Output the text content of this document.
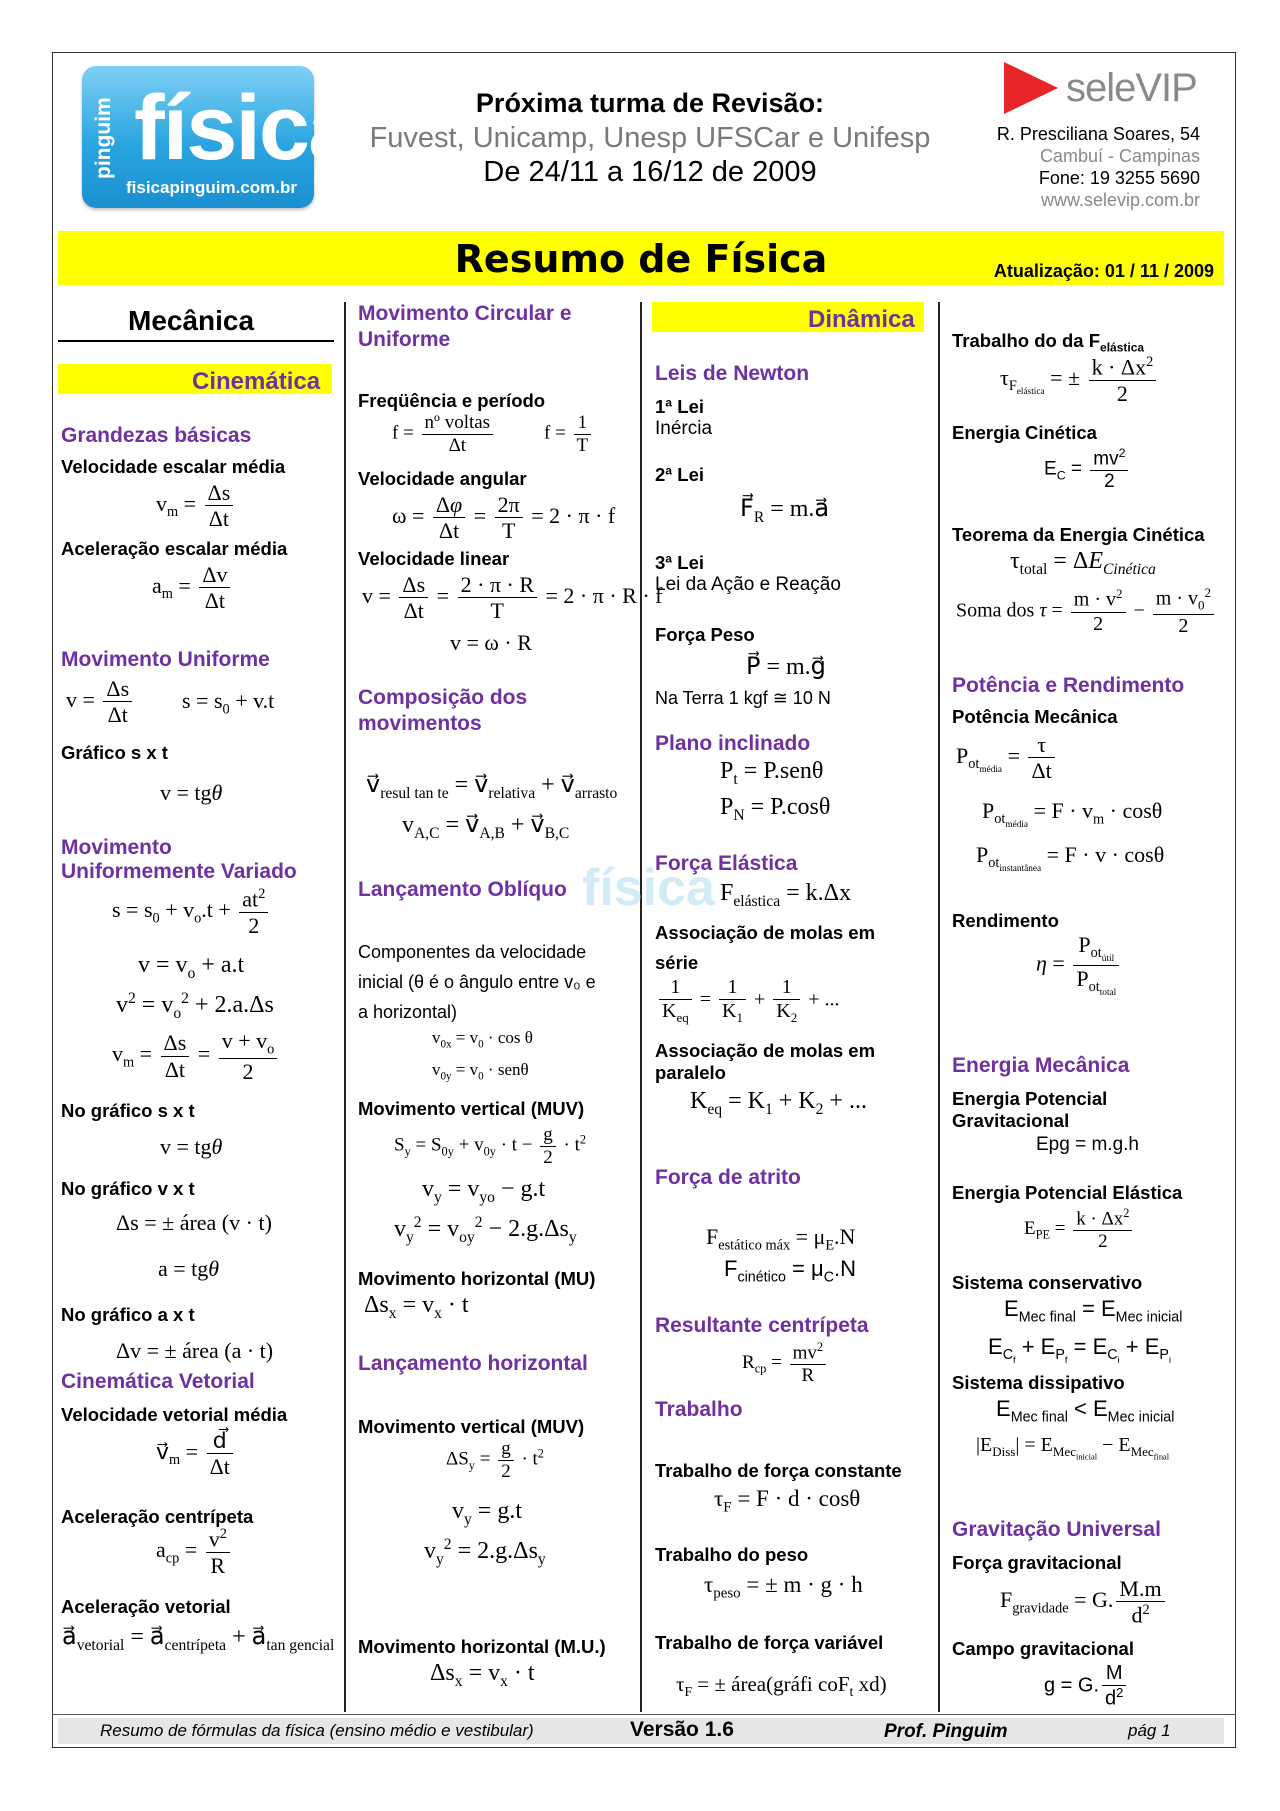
pinguim física
fisicapinguim.com.br
Próxima turma de Revisão:
Fuvest, Unicamp, Unesp UFSCar e Unifesp
De 24/11 a 16/12 de 2009
seleVIP
R. Presciliana Soares, 54
Cambuí - Campinas
Fone: 19 3255 5690
www.selevip.com.br
Resumo de Física	Atualização: 01 / 11 / 2009
física
Mecânica
Cinemática
Grandezas básicas
Velocidade escalar média
$v_m = \frac{\Delta s}{\Delta t}$
Aceleração escalar média
$a_m = \frac{\Delta v}{\Delta t}$
Movimento Uniforme
$v = \frac{\Delta s}{\Delta t}$ $s = s_0 + v.t$
Gráfico s x t
v = tgθ
Movimento
Uniformemente Variado
$s = s_0 + v_o.t + \frac{at^2}{2}$
$v = v_o + a.t$
$v^2 = v_o^2 + 2.a.\Delta s$
$v_m = \frac{\Delta s}{\Delta t} = \frac{v + v_o}{2}$
No gráfico s x t
v = tgθ
No gráfico v x t
Δs = ± área (v · t)
a = tgθ
No gráfico a x t
Δv = ± área (a · t)
Cinemática Vetorial
Velocidade vetorial média
$v⃗_m = \frac{d⃗}{\Delta t}$
Aceleração centrípeta
$a_{cp} = \frac{v^2}{R}$
Aceleração vetorial
$a⃗_{vetorial}$ = $a⃗_{centrípeta}$ + $a⃗_{tan gencial}$
Movimento Circular e
Uniforme
Freqüência e período
$f = \frac{\text{nº voltas}}{\Delta t}$	$f = \frac{1}{T}$
Velocidade angular
$\omega = \frac{\Delta\varphi}{\Delta t} = \frac{2\pi}{T} = 2 \cdot \pi \cdot f$
Velocidade linear
$v = \frac{\Delta s}{\Delta t} = \frac{2 \cdot \pi \cdot R}{T} = 2 \cdot \pi \cdot R \cdot f$
v = ω · R
Composição dos
movimentos
$v⃗_{resul tan te}$ = $v⃗_{relativa}$ + $v⃗_{arrasto}$
$v_{A,C}$ = $v⃗_{A,B}$ + $v⃗_{B,C}$
Lançamento Oblíquo
Componentes da velocidade
inicial (θ é o ângulo entre v₀ e
a horizontal)
$v_{0x} = v_0 \cdot \cos \theta$
$v_{0y} = v_0 \cdot sen\theta$
Movimento vertical (MUV)
$S_y = S_{0y} + v_{0y} \cdot t - \frac{g}{2} \cdot t^2$
$v_y = v_{yo} - g.t$
$v_y^2 = v_{oy}^2 - 2.g.\Delta s_y$
Movimento horizontal (MU)
$\Delta s_x = v_x \cdot t$
Lançamento horizontal
Movimento vertical (MUV)
$\Delta S_y = \frac{g}{2} \cdot t^2$
$v_y = g.t$
$v_y^2 = 2.g.\Delta s_y$
Movimento horizontal (M.U.)
$\Delta s_x = v_x \cdot t$
Dinâmica
Leis de Newton
1ª Lei
Inércia
2ª Lei
$F⃗_R$ = m.a⃗
3ª Lei
Lei da Ação e Reação
Força Peso
P⃗ = m.g⃗
Na Terra 1 kgf ≅ 10 N
Plano inclinado
$P_t = P.sen\theta$
$P_N = P.\cos\theta$
Força Elástica
$F_{elástica} = k.\Delta x$
Associação de molas em
série
$\frac{1}{K_{eq}} = \frac{1}{K_1} + \frac{1}{K_2}$ + ...
Associação de molas em
paralelo
$K_{eq} = K_1 + K_2$ + ...
Força de atrito
$F_{estático máx} = \mu_E.N$
$F_{cinético} = \mu_C.N$
Resultante centrípeta
$R_{cp} = \frac{mv^2}{R}$
Trabalho
Trabalho de força constante
$\tau_F = F \cdot d \cdot \cos\theta$
Trabalho do peso
$\tau_{peso}$ = ± m · g · h
Trabalho de força variável
$\tau_F$ = ± área(gráfi coF$_t$ xd)
Trabalho do da $F_{elástica}$
$\tau_{F_{elástica}}$ = ± $\frac{k \cdot \Delta x^2}{2}$
Energia Cinética
$E_C = \frac{mv^2}{2}$
Teorema da Energia Cinética
$\tau_{total} = \Delta E_{Cinética}$
Soma dos $\tau = \frac{m \cdot v^2}{2} - \frac{m \cdot v_0^2}{2}$
Potência e Rendimento
Potência Mecânica
$P_{ot_{média}} = \frac{\tau}{\Delta t}$
$P_{ot_{média}} = F \cdot v_m \cdot \cos\theta$
$P_{ot_{instantânea}} = F \cdot v \cdot \cos\theta$
Rendimento
$\eta = \frac{P_{ot_{útil}}}{P_{ot_{total}}}$
Energia Mecânica
Energia Potencial
Gravitacional
Epg = m.g.h
Energia Potencial Elástica
$E_{PE} = \frac{k \cdot \Delta x^2}{2}$
Sistema conservativo
$E_{Mec final} = E_{Mec inicial}$
$E_{C_f} + E_{P_f} = E_{C_i} + E_{P_i}$
Sistema dissipativo
$E_{Mec final} < E_{Mec inicial}$
$|E_{Diss}| = E_{Mec_{inicial}} - E_{Mec_{final}}$
Gravitação Universal
Força gravitacional
$F_{gravidade} = G$. $\frac{M.m}{d^2}$
Campo gravitacional
g = G. $\frac{M}{d^2}$
Resumo de fórmulas da física (ensino médio e vestibular)	Versão 1.6	Prof. Pinguim	pág 1
